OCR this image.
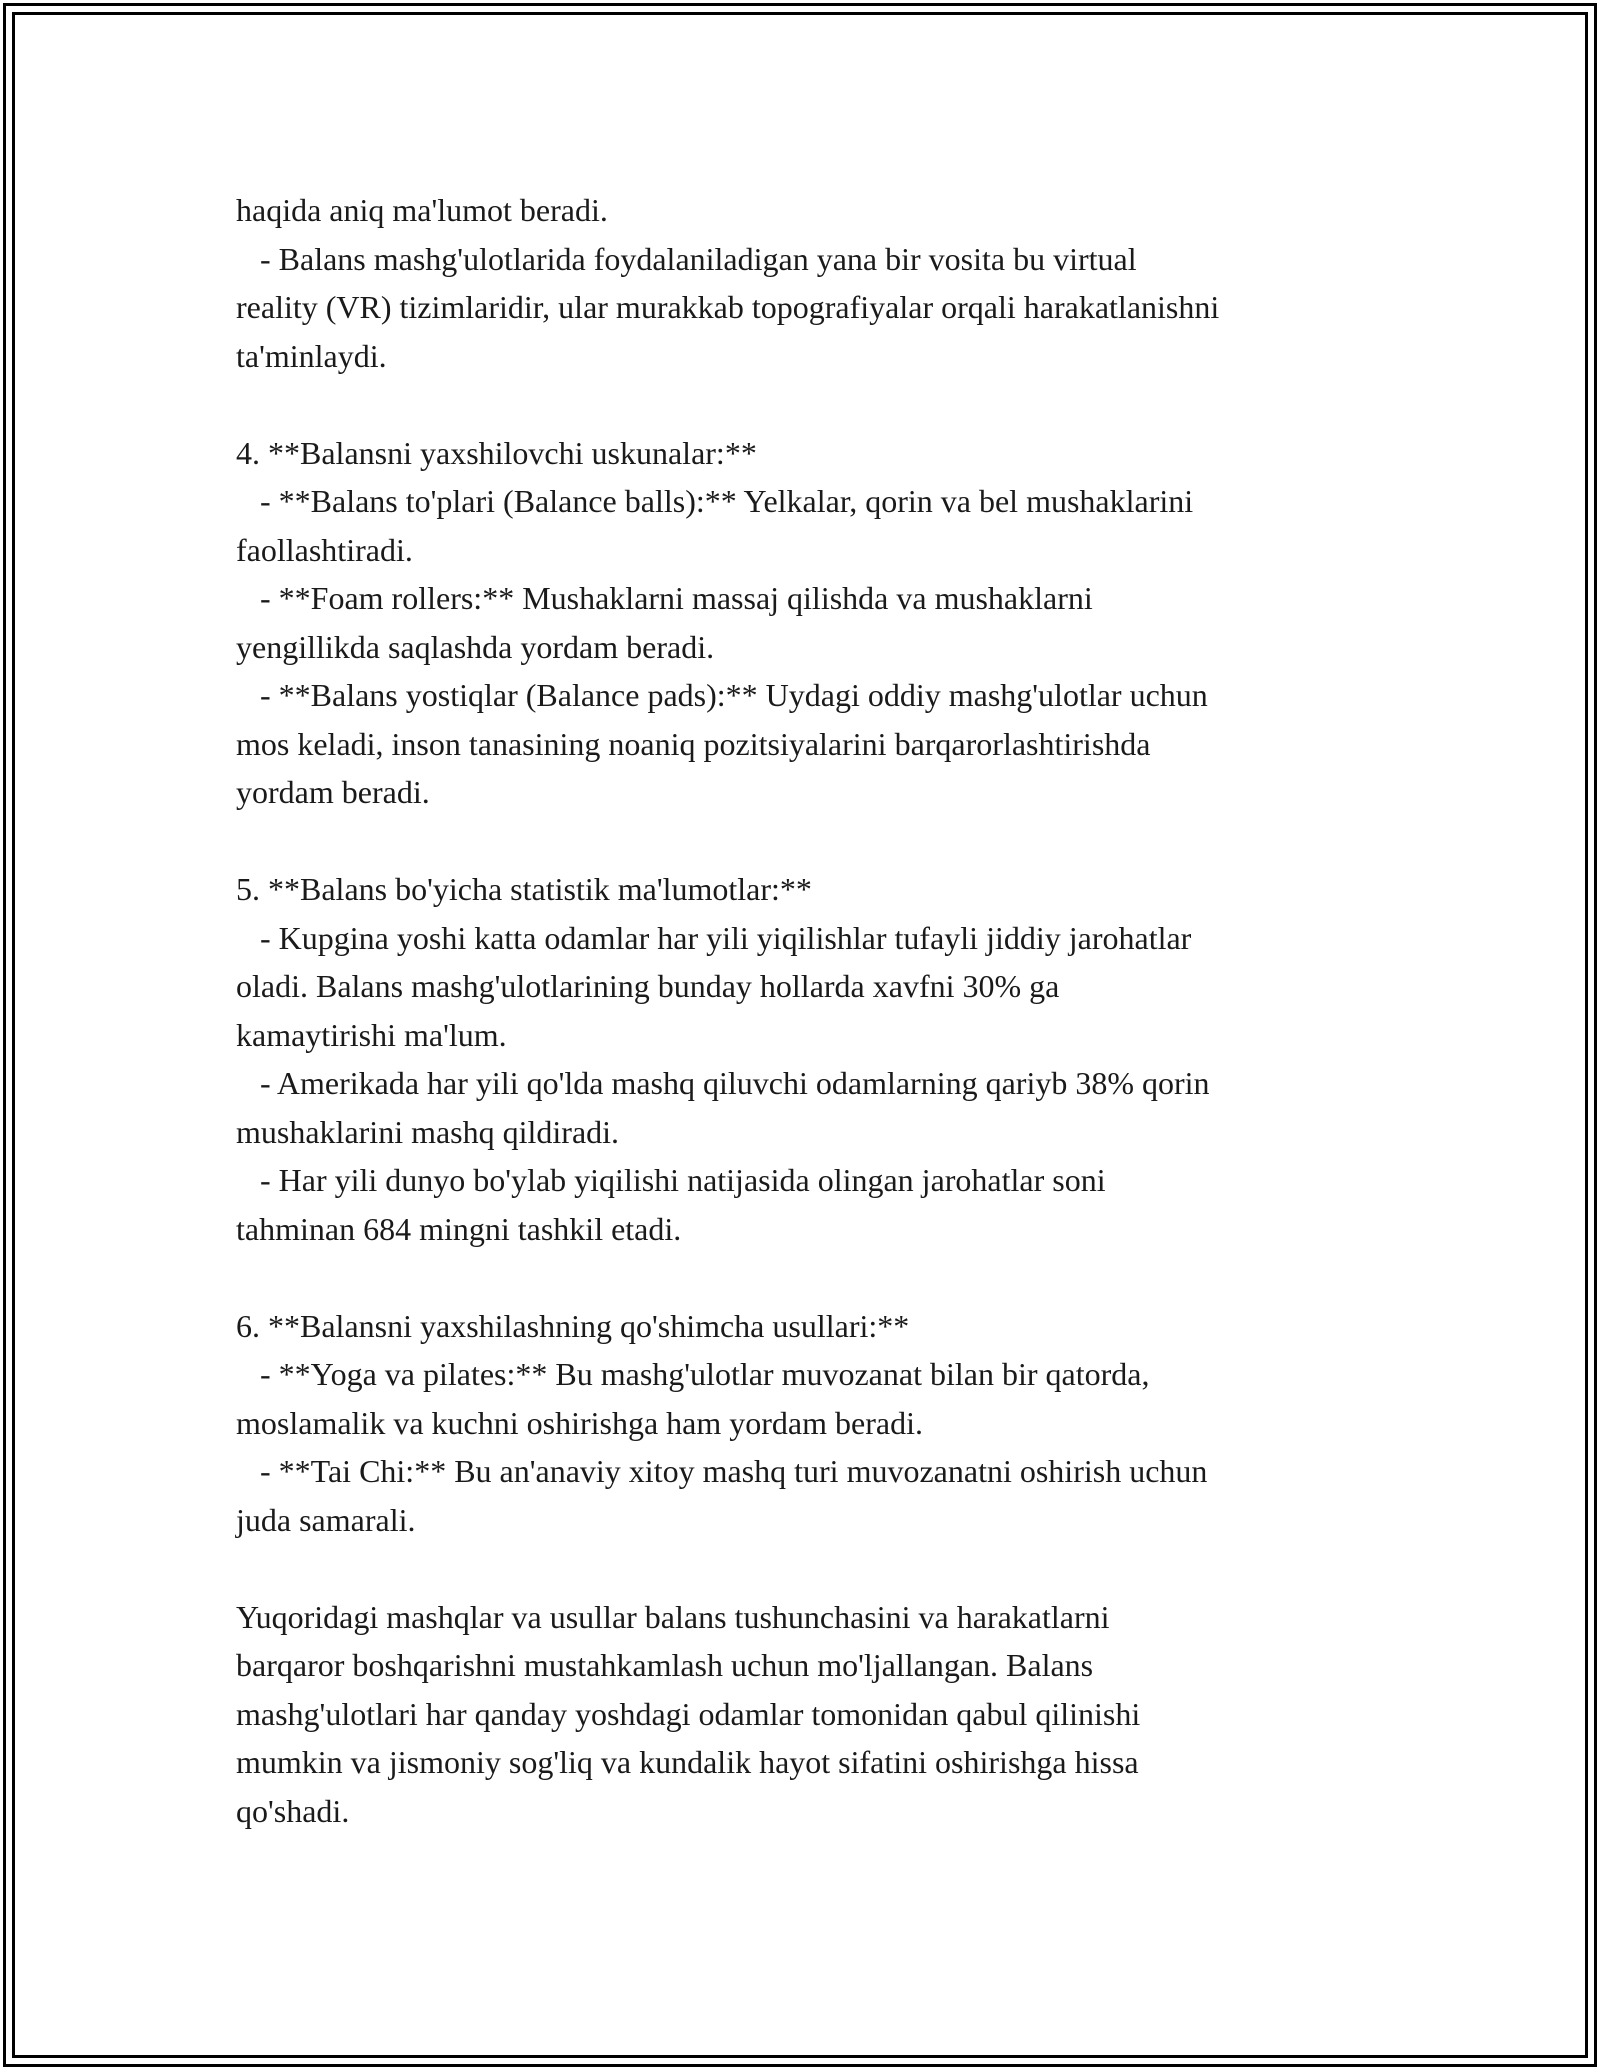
haqida aniq ma'lumot beradi.
- Balans mashg'ulotlarida foydalaniladigan yana bir vosita bu virtual
reality (VR) tizimlaridir, ular murakkab topografiyalar orqali harakatlanishni
ta'minlaydi.
4. **Balansni yaxshilovchi uskunalar:**
- **Balans to'plari (Balance balls):** Yelkalar, qorin va bel mushaklarini
faollashtiradi.
- **Foam rollers:** Mushaklarni massaj qilishda va mushaklarni
yengillikda saqlashda yordam beradi.
- **Balans yostiqlar (Balance pads):** Uydagi oddiy mashg'ulotlar uchun
mos keladi, inson tanasining noaniq pozitsiyalarini barqarorlashtirishda
yordam beradi.
5. **Balans bo'yicha statistik ma'lumotlar:**
- Kupgina yoshi katta odamlar har yili yiqilishlar tufayli jiddiy jarohatlar
oladi. Balans mashg'ulotlarining bunday hollarda xavfni 30% ga
kamaytirishi ma'lum.
- Amerikada har yili qo'lda mashq qiluvchi odamlarning qariyb 38% qorin
mushaklarini mashq qildiradi.
- Har yili dunyo bo'ylab yiqilishi natijasida olingan jarohatlar soni
tahminan 684 mingni tashkil etadi.
6. **Balansni yaxshilashning qo'shimcha usullari:**
- **Yoga va pilates:** Bu mashg'ulotlar muvozanat bilan bir qatorda,
moslamalik va kuchni oshirishga ham yordam beradi.
- **Tai Chi:** Bu an'anaviy xitoy mashq turi muvozanatni oshirish uchun
juda samarali.
Yuqoridagi mashqlar va usullar balans tushunchasini va harakatlarni
barqaror boshqarishni mustahkamlash uchun mo'ljallangan. Balans
mashg'ulotlari har qanday yoshdagi odamlar tomonidan qabul qilinishi
mumkin va jismoniy sog'liq va kundalik hayot sifatini oshirishga hissa
qo'shadi.
